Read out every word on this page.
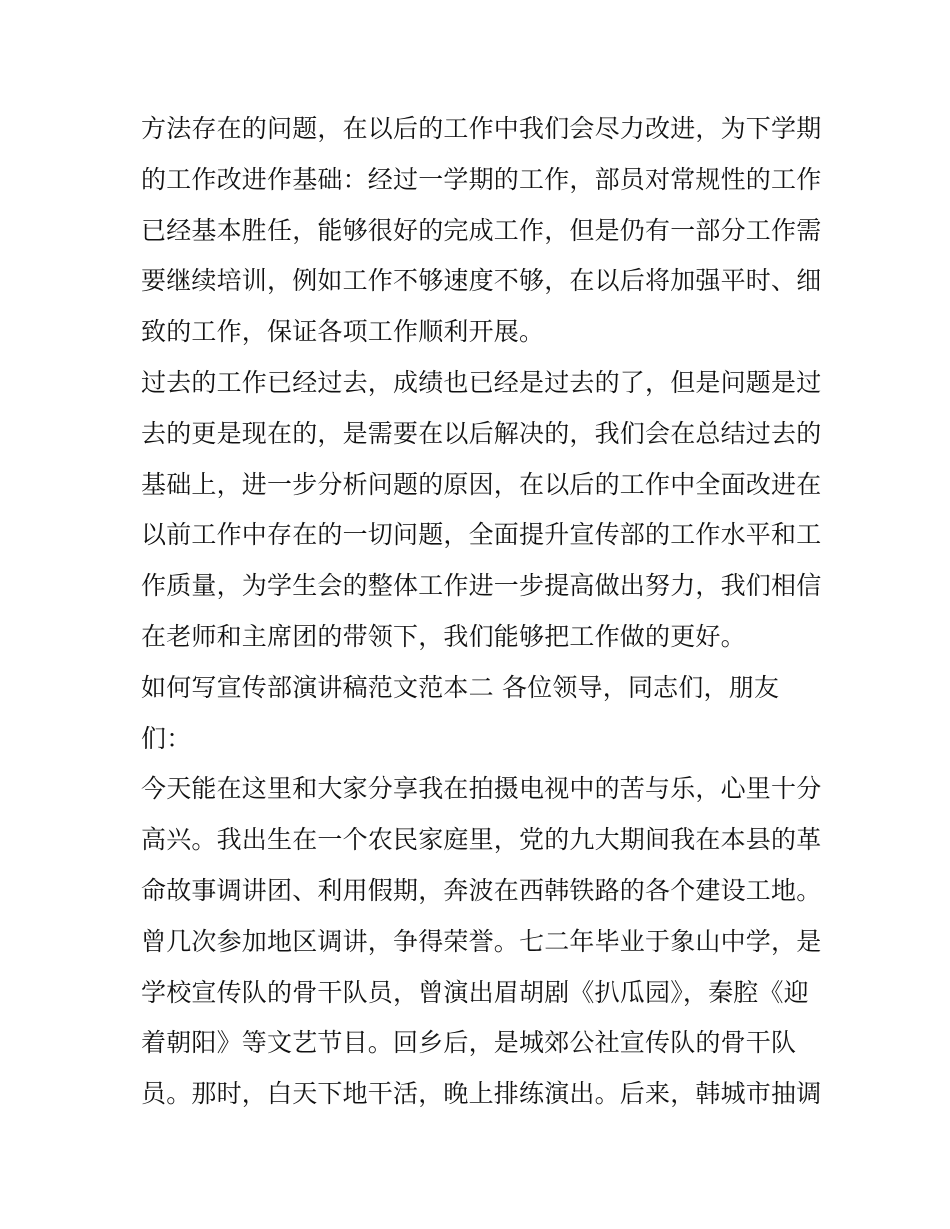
方法存在的问题，在以后的工作中我们会尽力改进，为下学期
的工作改进作基础：经过一学期的工作，部员对常规性的工作
已经基本胜任，能够很好的完成工作，但是仍有一部分工作需
要继续培训，例如工作不够速度不够，在以后将加强平时、细
致的工作，保证各项工作顺利开展。
过去的工作已经过去，成绩也已经是过去的了，但是问题是过
去的更是现在的，是需要在以后解决的，我们会在总结过去的
基础上，进一步分析问题的原因，在以后的工作中全面改进在
以前工作中存在的一切问题，全面提升宣传部的工作水平和工
作质量，为学生会的整体工作进一步提高做出努力，我们相信
在老师和主席团的带领下，我们能够把工作做的更好。
如何写宣传部演讲稿范文范本二 各位领导，同志们，朋友
们：
今天能在这里和大家分享我在拍摄电视中的苦与乐，心里十分
高兴。我出生在一个农民家庭里，党的九大期间我在本县的革
命故事调讲团、利用假期，奔波在西韩铁路的各个建设工地。
曾几次参加地区调讲，争得荣誉。七二年毕业于象山中学，是
学校宣传队的骨干队员，曾演出眉胡剧《扒瓜园》，秦腔《迎
着朝阳》等文艺节目。回乡后，是城郊公社宣传队的骨干队
员。那时，白天下地干活，晚上排练演出。后来，韩城市抽调
